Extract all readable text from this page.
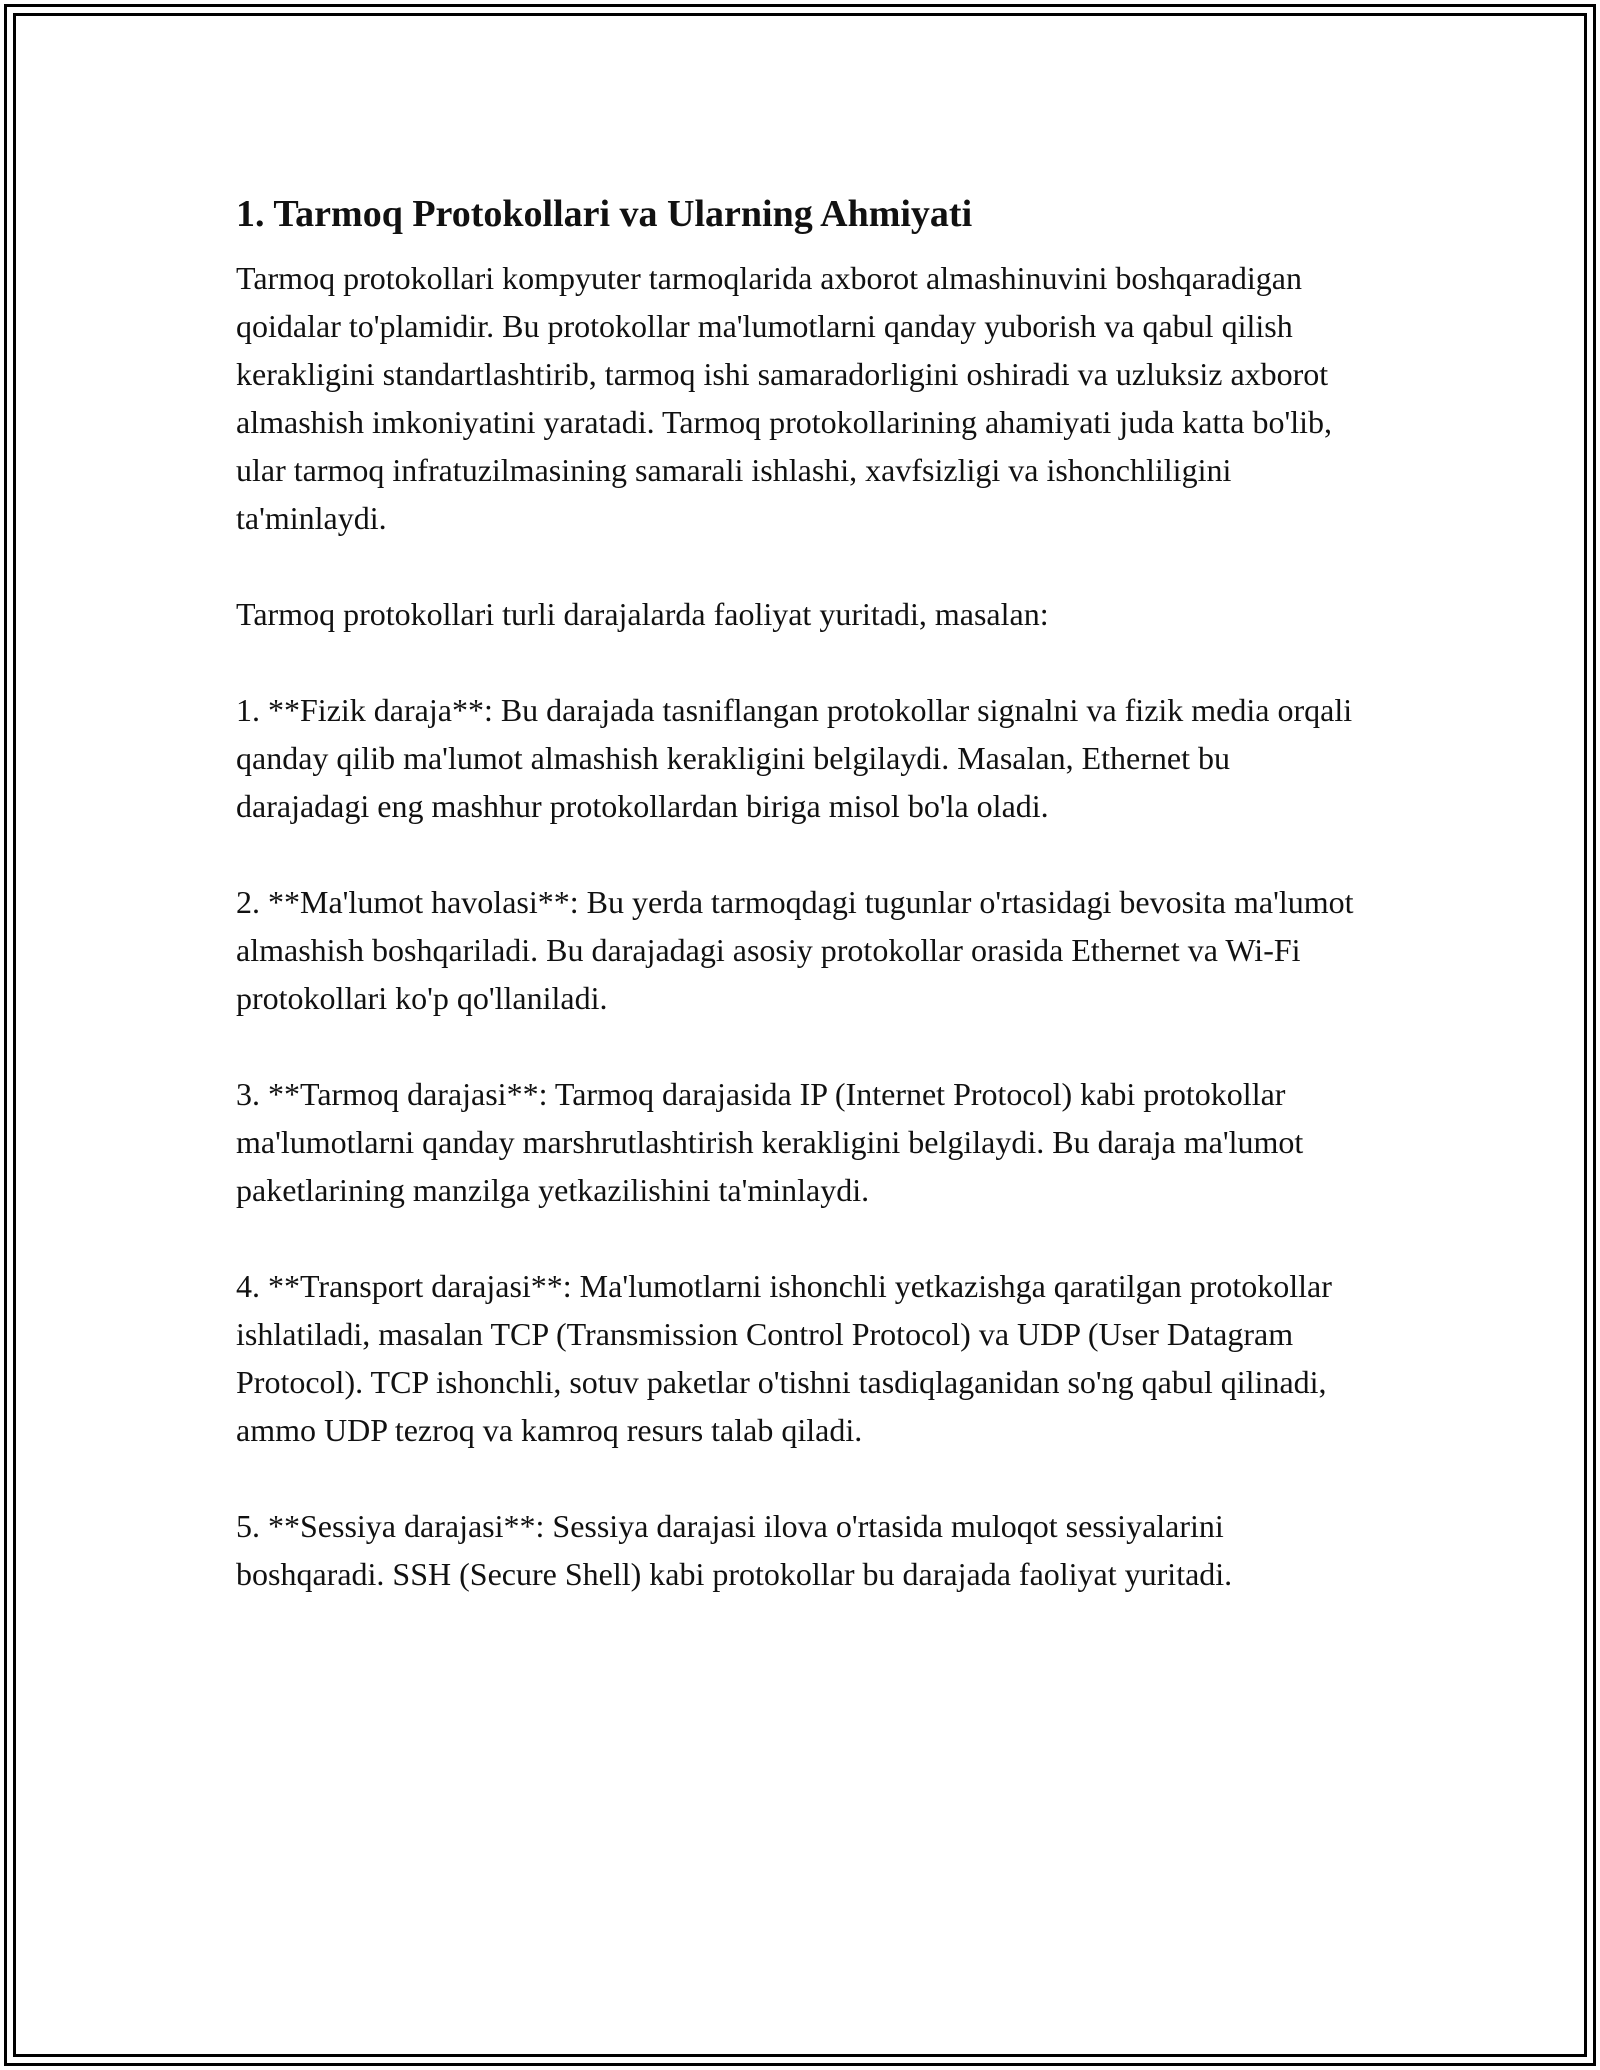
1. Tarmoq Protokollari va Ularning Ahmiyati

Tarmoq protokollari kompyuter tarmoqlarida axborot almashinuvini boshqaradigan qoidalar to'plamidir. Bu protokollar ma'lumotlarni qanday yuborish va qabul qilish kerakligini standartlashtirib, tarmoq ishi samaradorligini oshiradi va uzluksiz axborot almashish imkoniyatini yaratadi. Tarmoq protokollarining ahamiyati juda katta bo'lib, ular tarmoq infratuzilmasining samarali ishlashi, xavfsizligi va ishonchliligini ta'minlaydi.

Tarmoq protokollari turli darajalarda faoliyat yuritadi, masalan:

1. **Fizik daraja**: Bu darajada tasniflangan protokollar signalni va fizik media orqali qanday qilib ma'lumot almashish kerakligini belgilaydi. Masalan, Ethernet bu darajadagi eng mashhur protokollardan biriga misol bo'la oladi.

2. **Ma'lumot havolasi**: Bu yerda tarmoqdagi tugunlar o'rtasidagi bevosita ma'lumot almashish boshqariladi. Bu darajadagi asosiy protokollar orasida Ethernet va Wi-Fi protokollari ko'p qo'llaniladi.

3. **Tarmoq darajasi**: Tarmoq darajasida IP (Internet Protocol) kabi protokollar ma'lumotlarni qanday marshrutlashtirish kerakligini belgilaydi. Bu daraja ma'lumot paketlarining manzilga yetkazilishini ta'minlaydi.

4. **Transport darajasi**: Ma'lumotlarni ishonchli yetkazishga qaratilgan protokollar ishlatiladi, masalan TCP (Transmission Control Protocol) va UDP (User Datagram Protocol). TCP ishonchli, sotuv paketlar o'tishni tasdiqlaganidan so'ng qabul qilinadi, ammo UDP tezroq va kamroq resurs talab qiladi.

5. **Sessiya darajasi**: Sessiya darajasi ilova o'rtasida muloqot sessiyalarini boshqaradi. SSH (Secure Shell) kabi protokollar bu darajada faoliyat yuritadi.
